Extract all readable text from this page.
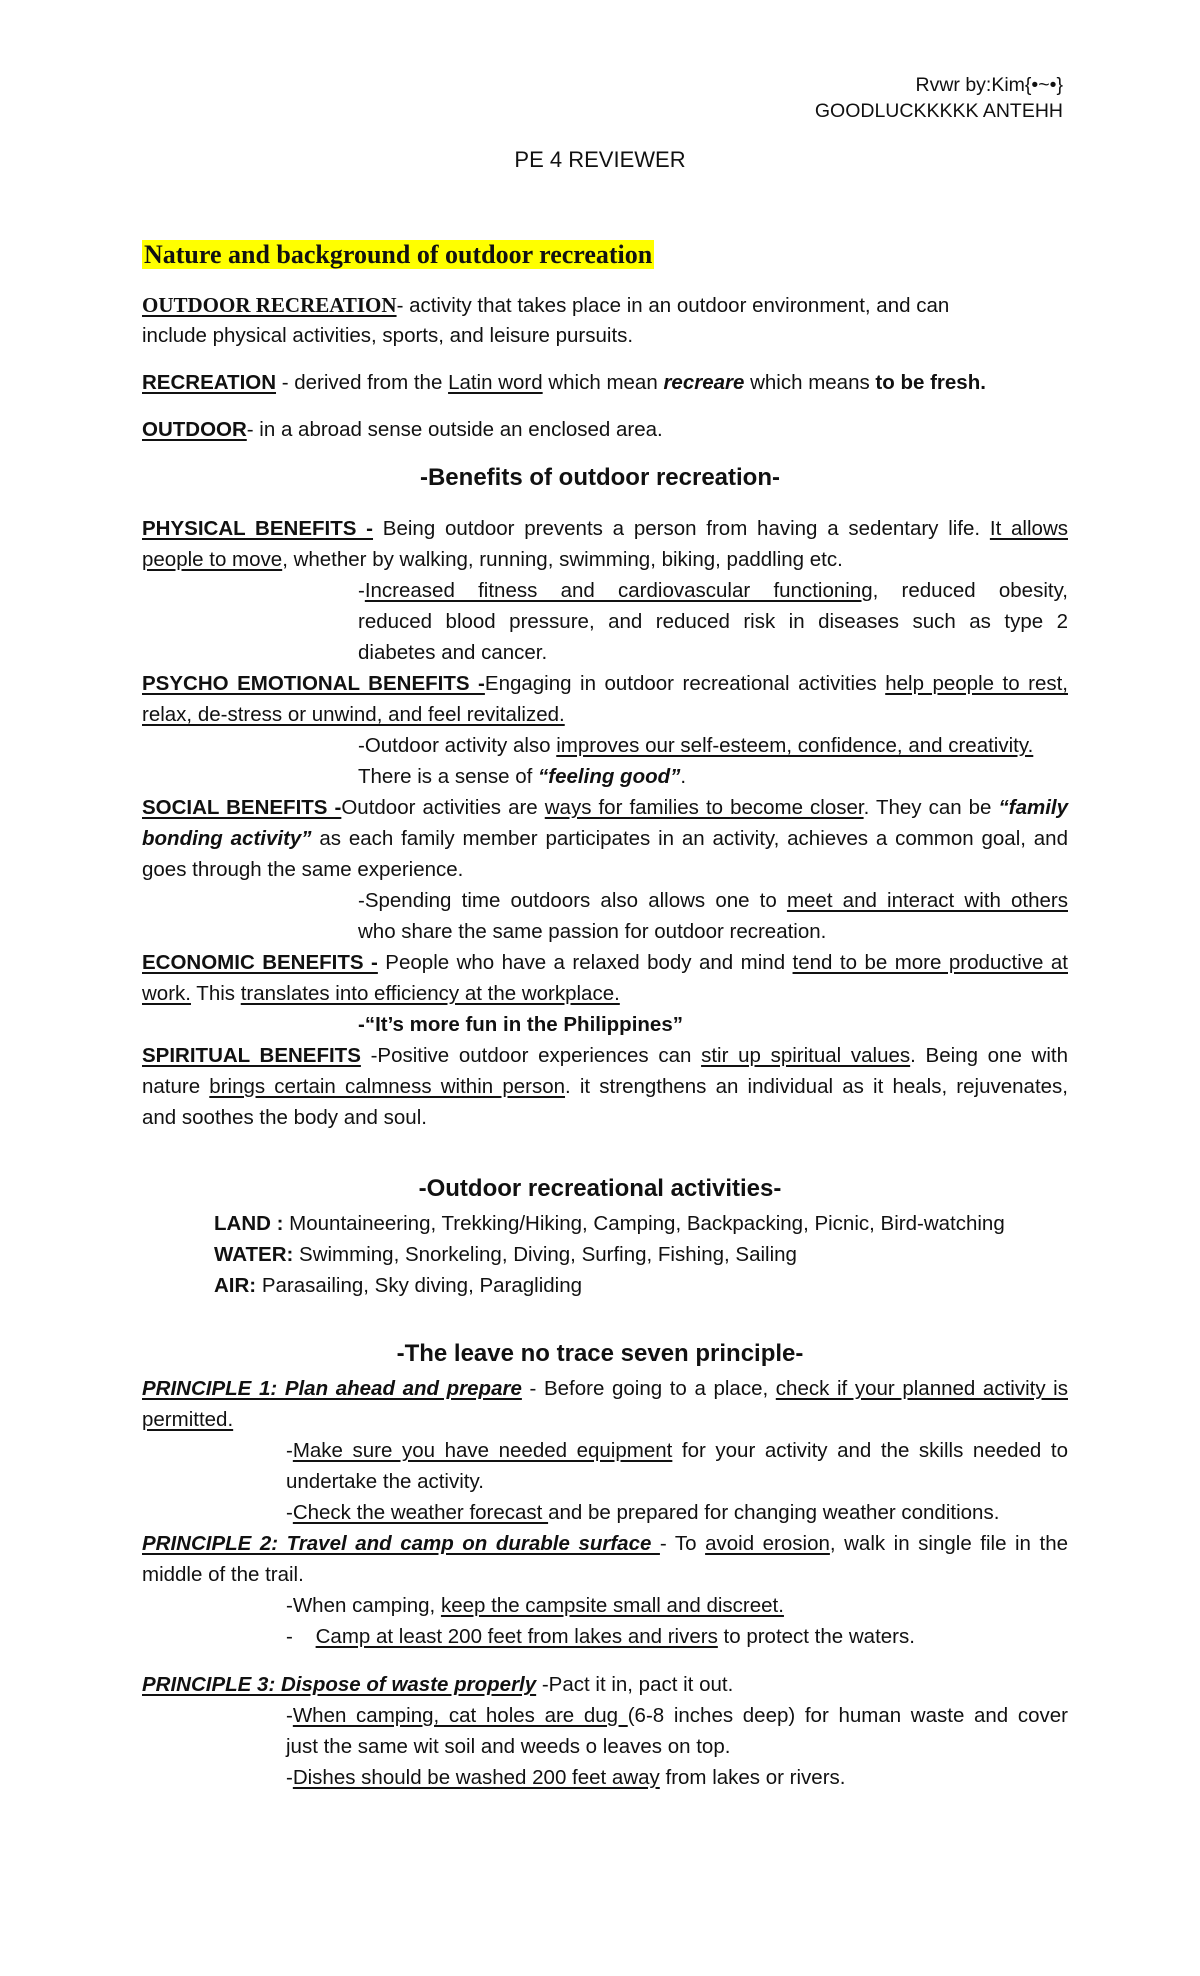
Rvwr by:Kim{•~•}
GOODLUCKKKKK ANTEHH
PE 4 REVIEWER
Nature and background of outdoor recreation
OUTDOOR RECREATION- activity that takes place in an outdoor environment, and can
include physical activities, sports, and leisure pursuits.
RECREATION - derived from the Latin word which mean recreare which means to be fresh.
OUTDOOR- in a abroad sense outside an enclosed area.
-Benefits of outdoor recreation-
PHYSICAL BENEFITS - Being outdoor prevents a person from having a sedentary life. It allows
people to move, whether by walking, running, swimming, biking, paddling etc.
-Increased fitness and cardiovascular functioning, reduced obesity,
reduced blood pressure, and reduced risk in diseases such as type 2
diabetes and cancer.
PSYCHO EMOTIONAL BENEFITS -Engaging in outdoor recreational activities help people to rest,
relax, de-stress or unwind, and feel revitalized.
-Outdoor activity also improves our self-esteem, confidence, and creativity.
There is a sense of “feeling good”.
SOCIAL BENEFITS -Outdoor activities are ways for families to become closer. They can be “family
bonding activity” as each family member participates in an activity, achieves a common goal, and
goes through the same experience.
-Spending time outdoors also allows one to meet and interact with others
who share the same passion for outdoor recreation.
ECONOMIC BENEFITS - People who have a relaxed body and mind tend to be more productive at
work. This translates into efficiency at the workplace.
-“It’s more fun in the Philippines”
SPIRITUAL BENEFITS -Positive outdoor experiences can stir up spiritual values. Being one with
nature brings certain calmness within person. it strengthens an individual as it heals, rejuvenates,
and soothes the body and soul.
-Outdoor recreational activities-
LAND : Mountaineering, Trekking/Hiking, Camping, Backpacking, Picnic, Bird-watching
WATER: Swimming, Snorkeling, Diving, Surfing, Fishing, Sailing
AIR: Parasailing, Sky diving, Paragliding
-The leave no trace seven principle-
PRINCIPLE 1: Plan ahead and prepare - Before going to a place, check if your planned activity is
permitted.
-Make sure you have needed equipment for your activity and the skills needed to
undertake the activity.
-Check the weather forecast and be prepared for changing weather conditions.
PRINCIPLE 2: Travel and camp on durable surface - To avoid erosion, walk in single file in the
middle of the trail.
-When camping, keep the campsite small and discreet.
-    Camp at least 200 feet from lakes and rivers to protect the waters.
PRINCIPLE 3: Dispose of waste properly -Pact it in, pact it out.
-When camping, cat holes are dug (6-8 inches deep) for human waste and cover
just the same wit soil and weeds o leaves on top.
-Dishes should be washed 200 feet away from lakes or rivers.
